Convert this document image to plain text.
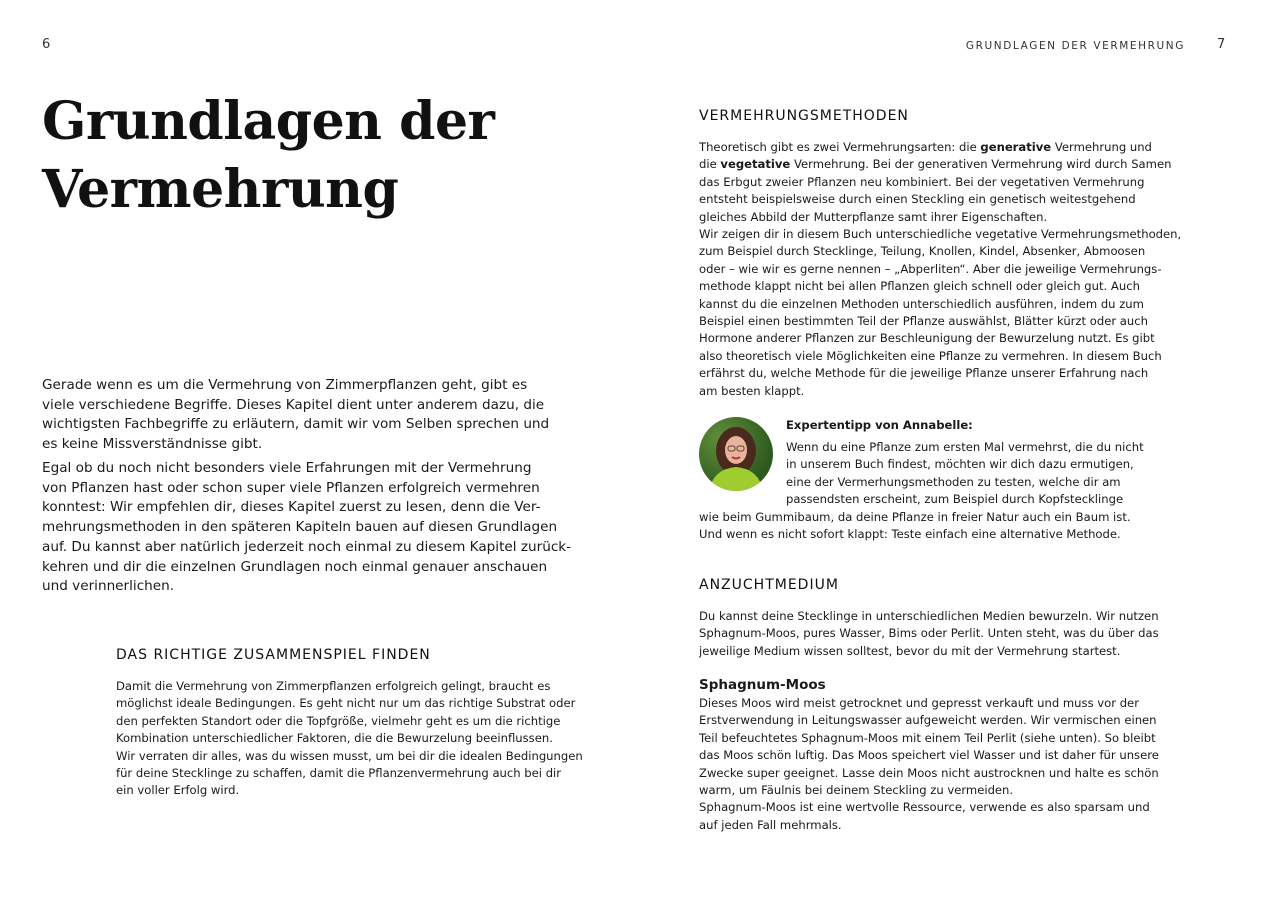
6
Grundlagen der
Vermehrung
Gerade wenn es um die Vermehrung von Zimmerpflanzen geht, gibt es
viele verschiedene Begriffe. Dieses Kapitel dient unter anderem dazu, die
wichtigsten Fachbegriffe zu erläutern, damit wir vom Selben sprechen und
es keine Missverständnisse gibt.
Egal ob du noch nicht besonders viele Erfahrungen mit der Vermehrung
von Pflanzen hast oder schon super viele Pflanzen erfolgreich vermehren
konntest: Wir empfehlen dir, dieses Kapitel zuerst zu lesen, denn die Ver-
mehrungsmethoden in den späteren Kapiteln bauen auf diesen Grundlagen
auf. Du kannst aber natürlich jederzeit noch einmal zu diesem Kapitel zurück-
kehren und dir die einzelnen Grundlagen noch einmal genauer anschauen
und verinnerlichen.
DAS RICHTIGE ZUSAMMENSPIEL FINDEN
Damit die Vermehrung von Zimmerpflanzen erfolgreich gelingt, braucht es
möglichst ideale Bedingungen. Es geht nicht nur um das richtige Substrat oder
den perfekten Standort oder die Topfgröße, vielmehr geht es um die richtige
Kombination unterschiedlicher Faktoren, die die Bewurzelung beeinflussen.
Wir verraten dir alles, was du wissen musst, um bei dir die idealen Bedingungen
für deine Stecklinge zu schaffen, damit die Pflanzenvermehrung auch bei dir
ein voller Erfolg wird.
GRUNDLAGEN DER VERMEHRUNG 7
VERMEHRUNGSMETHODEN
Theoretisch gibt es zwei Vermehrungsarten: die generative Vermehrung und
die vegetative Vermehrung. Bei der generativen Vermehrung wird durch Samen
das Erbgut zweier Pflanzen neu kombiniert. Bei der vegetativen Vermehrung
entsteht beispielsweise durch einen Steckling ein genetisch weitestgehend
gleiches Abbild der Mutterpflanze samt ihrer Eigenschaften.
Wir zeigen dir in diesem Buch unterschiedliche vegetative Vermehrungsmethoden,
zum Beispiel durch Stecklinge, Teilung, Knollen, Kindel, Absenker, Abmoosen
oder – wie wir es gerne nennen – „Abperliten“. Aber die jeweilige Vermehrungs-
methode klappt nicht bei allen Pflanzen gleich schnell oder gleich gut. Auch
kannst du die einzelnen Methoden unterschiedlich ausführen, indem du zum
Beispiel einen bestimmten Teil der Pflanze auswählst, Blätter kürzt oder auch
Hormone anderer Pflanzen zur Beschleunigung der Bewurzelung nutzt. Es gibt
also theoretisch viele Möglichkeiten eine Pflanze zu vermehren. In diesem Buch
erfährst du, welche Methode für die jeweilige Pflanze unserer Erfahrung nach
am besten klappt.
Expertentipp von Annabelle:
Wenn du eine Pflanze zum ersten Mal vermehrst, die du nicht
in unserem Buch findest, möchten wir dich dazu ermutigen,
eine der Vermerhungsmethoden zu testen, welche dir am
passendsten erscheint, zum Beispiel durch Kopfstecklinge
wie beim Gummibaum, da deine Pflanze in freier Natur auch ein Baum ist.
Und wenn es nicht sofort klappt: Teste einfach eine alternative Methode.
ANZUCHTMEDIUM
Du kannst deine Stecklinge in unterschiedlichen Medien bewurzeln. Wir nutzen
Sphagnum-Moos, pures Wasser, Bims oder Perlit. Unten steht, was du über das
jeweilige Medium wissen solltest, bevor du mit der Vermehrung startest.
Sphagnum-Moos
Dieses Moos wird meist getrocknet und gepresst verkauft und muss vor der
Erstverwendung in Leitungswasser aufgeweicht werden. Wir vermischen einen
Teil befeuchtetes Sphagnum-Moos mit einem Teil Perlit (siehe unten). So bleibt
das Moos schön luftig. Das Moos speichert viel Wasser und ist daher für unsere
Zwecke super geeignet. Lasse dein Moos nicht austrocknen und halte es schön
warm, um Fäulnis bei deinem Steckling zu vermeiden.
Sphagnum-Moos ist eine wertvolle Ressource, verwende es also sparsam und
auf jeden Fall mehrmals.
